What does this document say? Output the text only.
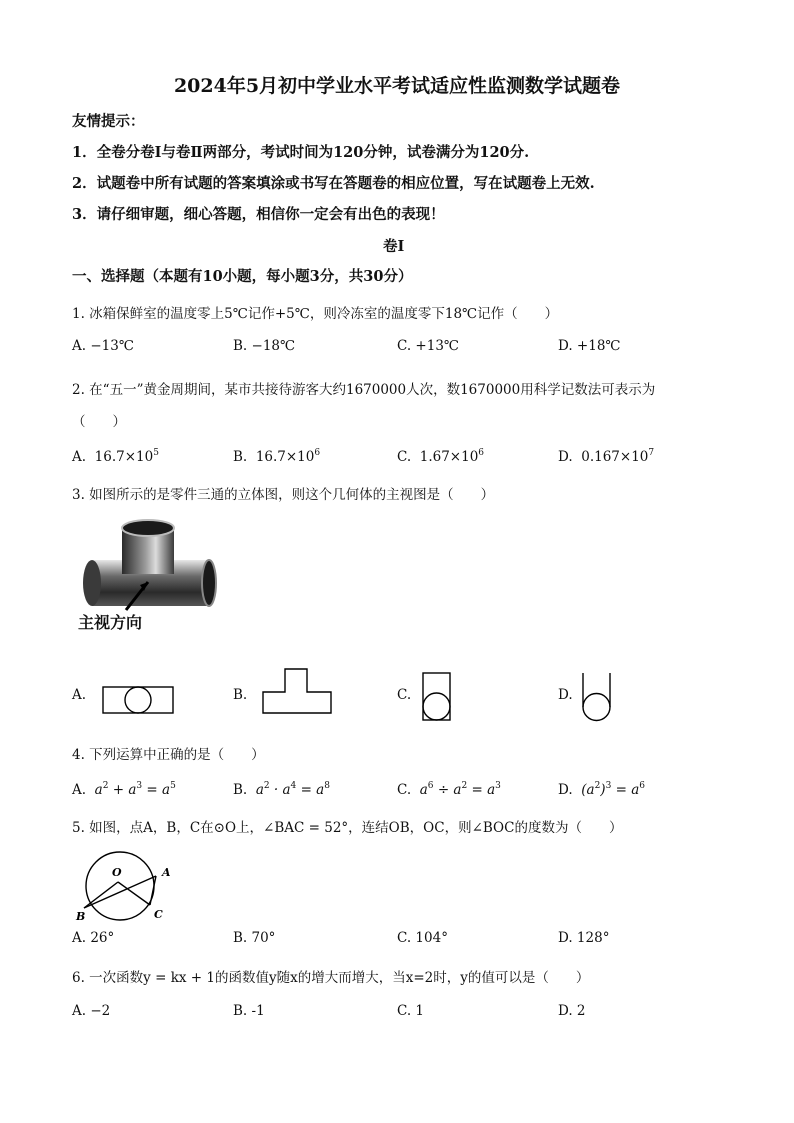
2024年5月初中学业水平考试适应性监测数学试题卷
友情提示：
1．全卷分卷Ⅰ与卷Ⅱ两部分，考试时间为120分钟，试卷满分为120分.
2．试题卷中所有试题的答案填涂或书写在答题卷的相应位置，写在试题卷上无效.
3．请仔细审题，细心答题，相信你一定会有出色的表现！
卷Ⅰ
一、选择题（本题有10小题，每小题3分，共30分）
1. 冰箱保鲜室的温度零上5℃记作+5℃，则冷冻室的温度零下18℃记作（　　）
A. −13℃	B. −18℃	C. +13℃	D. +18℃
2. 在“五一”黄金周期间，某市共接待游客大约1670000人次，数1670000用科学记数法可表示为
（　　）
A. $16.7\times 10^5$	B. $16.7\times 10^6$	C. $1.67\times 10^6$	D. $0.167\times 10^7$
3. 如图所示的是零件三通的立体图，则这个几何体的主视图是（　　）
主视方向
A.	B.	C.	D.
4. 下列运算中正确的是（　　）
A. $a^2 + a^3 = a^5$	B. $a^2 \cdot a^4 = a^8$	C. $a^6 \div a^2 = a^3$	D. $(a^2)^3 = a^6$
5. 如图，点A，B，C在⊙O上，∠BAC = 52°，连结OB，OC，则∠BOC的度数为（　　）
O	A
B	C
A. 26°	B. 70°	C. 104°	D. 128°
6. 一次函数y = kx + 1的函数值y随x的增大而增大，当x=2时，y的值可以是（　　）
A. −2	B. -1	C. 1	D. 2
